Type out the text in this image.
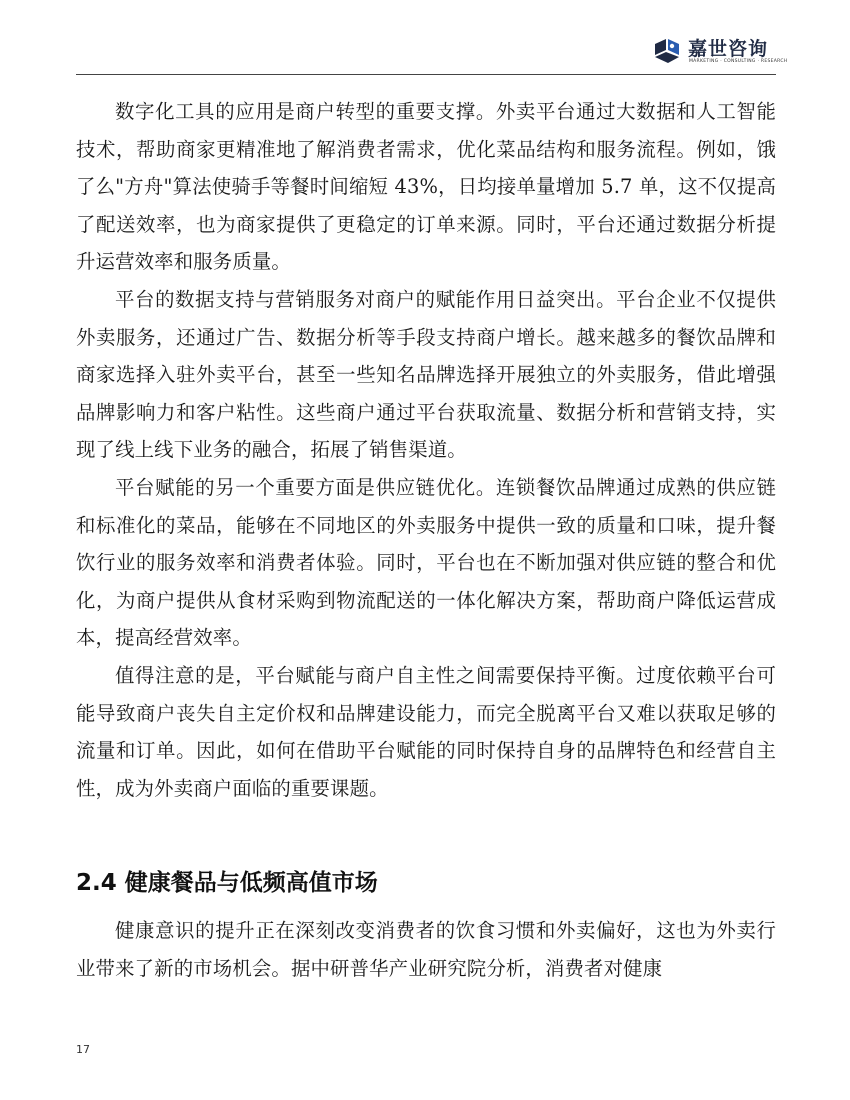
嘉世咨询
MARKETING · CONSULTING · RESEARCH

数字化工具的应用是商户转型的重要支撑。外卖平台通过大数据和人工智能技术，帮助商家更精准地了解消费者需求，优化菜品结构和服务流程。例如，饿了么"方舟"算法使骑手等餐时间缩短 43%，日均接单量增加 5.7 单，这不仅提高了配送效率，也为商家提供了更稳定的订单来源。同时，平台还通过数据分析提升运营效率和服务质量。

平台的数据支持与营销服务对商户的赋能作用日益突出。平台企业不仅提供外卖服务，还通过广告、数据分析等手段支持商户增长。越来越多的餐饮品牌和商家选择入驻外卖平台，甚至一些知名品牌选择开展独立的外卖服务，借此增强品牌影响力和客户粘性。这些商户通过平台获取流量、数据分析和营销支持，实现了线上线下业务的融合，拓展了销售渠道。

平台赋能的另一个重要方面是供应链优化。连锁餐饮品牌通过成熟的供应链和标准化的菜品，能够在不同地区的外卖服务中提供一致的质量和口味，提升餐饮行业的服务效率和消费者体验。同时，平台也在不断加强对供应链的整合和优化，为商户提供从食材采购到物流配送的一体化解决方案，帮助商户降低运营成本，提高经营效率。

值得注意的是，平台赋能与商户自主性之间需要保持平衡。过度依赖平台可能导致商户丧失自主定价权和品牌建设能力，而完全脱离平台又难以获取足够的流量和订单。因此，如何在借助平台赋能的同时保持自身的品牌特色和经营自主性，成为外卖商户面临的重要课题。

2.4 健康餐品与低频高值市场

健康意识的提升正在深刻改变消费者的饮食习惯和外卖偏好，这也为外卖行业带来了新的市场机会。据中研普华产业研究院分析，消费者对健康

17
